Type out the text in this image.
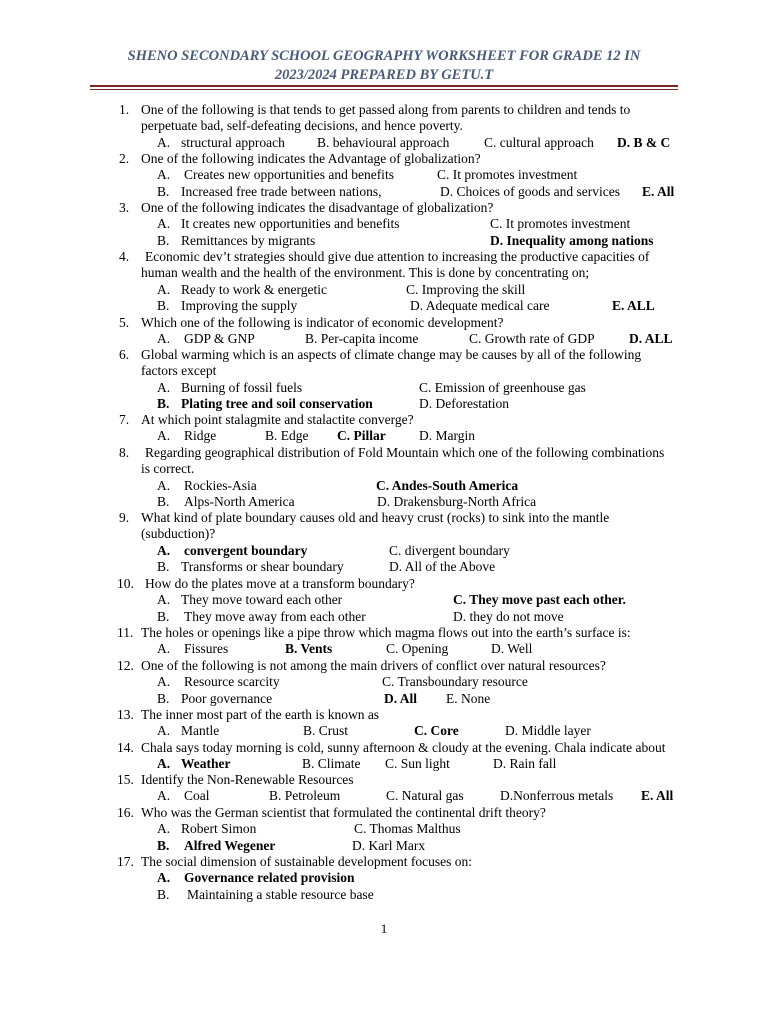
SHENO SECONDARY SCHOOL GEOGRAPHY WORKSHEET FOR GRADE 12 IN
2023/2024 PREPARED BY GETU.T
1. One of the following is that tends to get passed along from parents to children and tends to
perpetuate bad, self-defeating decisions, and hence poverty.
A. structural approach B. behavioural approach	C. cultural approach D. B & C
2. One of the following indicates the Advantage of globalization?
A. Creates new opportunities and benefits	C. It promotes investment
B. Increased free trade between nations,	D. Choices of goods and services E. All
3. One of the following indicates the disadvantage of globalization?
A. It creates new opportunities and benefits	C. It promotes investment
B. Remittances by migrants	D. Inequality among nations
4. Economic dev’t strategies should give due attention to increasing the productive capacities of
human wealth and the health of the environment. This is done by concentrating on;
A. Ready to work & energetic	C. Improving the skill
B. Improving the supply	D. Adequate medical care	E. ALL
5. Which one of the following is indicator of economic development?
A. GDP & GNP	B. Per-capita income	C. Growth rate of GDP	D. ALL
6. Global warming which is an aspects of climate change may be causes by all of the following
factors except
A. Burning of fossil fuels	C. Emission of greenhouse gas
B. Plating tree and soil conservation	D. Deforestation
7. At which point stalagmite and stalactite converge?
A. Ridge	B. Edge C. Pillar D. Margin
8. Regarding geographical distribution of Fold Mountain which one of the following combinations
is correct.
A. Rockies-Asia	C. Andes-South America
B. Alps-North America	D. Drakensburg-North Africa
9. What kind of plate boundary causes old and heavy crust (rocks) to sink into the mantle
(subduction)?
A. convergent boundary	C. divergent boundary
B. Transforms or shear boundary	D. All of the Above
10. How do the plates move at a transform boundary?
A. They move toward each other	C. They move past each other.
B. They move away from each other	D. they do not move
11. The holes or openings like a pipe throw which magma flows out into the earth’s surface is:
A. Fissures	B. Vents	C. Opening	D. Well
12. One of the following is not among the main drivers of conflict over natural resources?
A. Resource scarcity	C. Transboundary resource
B. Poor governance	D. All E. None
13. The inner most part of the earth is known as
A. Mantle	B. Crust	C. Core	D. Middle layer
14. Chala says today morning is cold, sunny afternoon & cloudy at the evening. Chala indicate about
A. Weather	B. Climate C. Sun light	D. Rain fall
15. Identify the Non-Renewable Resources
A. Coal	B. Petroleum	C. Natural gas	D.Nonferrous metals E. All
16. Who was the German scientist that formulated the continental drift theory?
A. Robert Simon	C. Thomas Malthus
B. Alfred Wegener	D. Karl Marx
17. The social dimension of sustainable development focuses on:
A. Governance related provision
B. Maintaining a stable resource base
1
